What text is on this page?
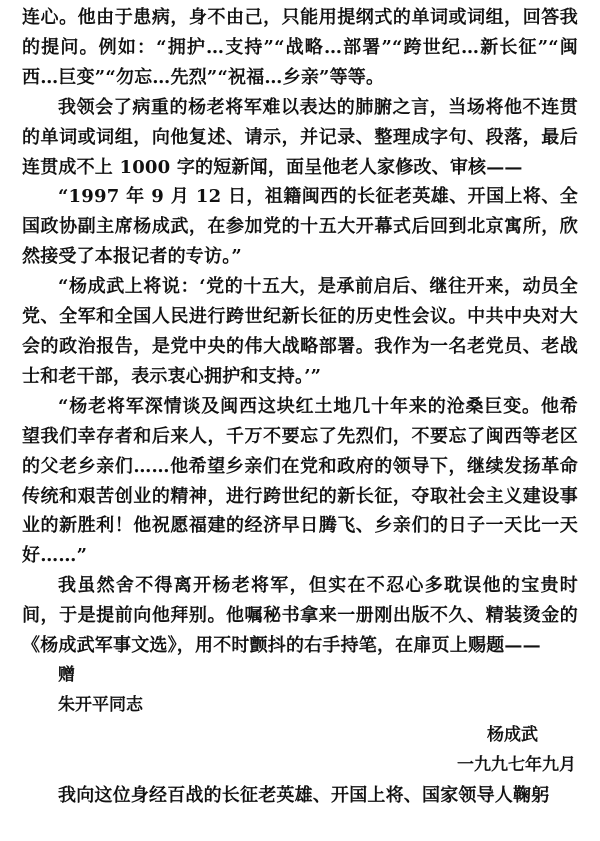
连心。他由于患病，身不由己，只能用提纲式的单词或词组，回答我的提问。例如：“拥护…支持”“战略…部署”“跨世纪…新长征”“闽西…巨变”“勿忘…先烈”“祝福…乡亲”等等。

我领会了病重的杨老将军难以表达的肺腑之言，当场将他不连贯的单词或词组，向他复述、请示，并记录、整理成字句、段落，最后连贯成不上 1000 字的短新闻，面呈他老人家修改、审核——

“1997 年 9 月 12 日，祖籍闽西的长征老英雄、开国上将、全国政协副主席杨成武，在参加党的十五大开幕式后回到北京寓所，欣然接受了本报记者的专访。”

“杨成武上将说：‘党的十五大，是承前启后、继往开来，动员全党、全军和全国人民进行跨世纪新长征的历史性会议。中共中央对大会的政治报告，是党中央的伟大战略部署。我作为一名老党员、老战士和老干部，表示衷心拥护和支持。’”

“杨老将军深情谈及闽西这块红土地几十年来的沧桑巨变。他希望我们幸存者和后来人，千万不要忘了先烈们，不要忘了闽西等老区的父老乡亲们……他希望乡亲们在党和政府的领导下，继续发扬革命传统和艰苦创业的精神，进行跨世纪的新长征，夺取社会主义建设事业的新胜利！他祝愿福建的经济早日腾飞、乡亲们的日子一天比一天好……”

我虽然舍不得离开杨老将军，但实在不忍心多耽误他的宝贵时间，于是提前向他拜别。他嘱秘书拿来一册刚出版不久、精装烫金的《杨成武军事文选》，用不时颤抖的右手持笔，在扉页上赐题——

赠

朱开平同志

杨成武

一九九七年九月

我向这位身经百战的长征老英雄、开国上将、国家领导人鞠躬
